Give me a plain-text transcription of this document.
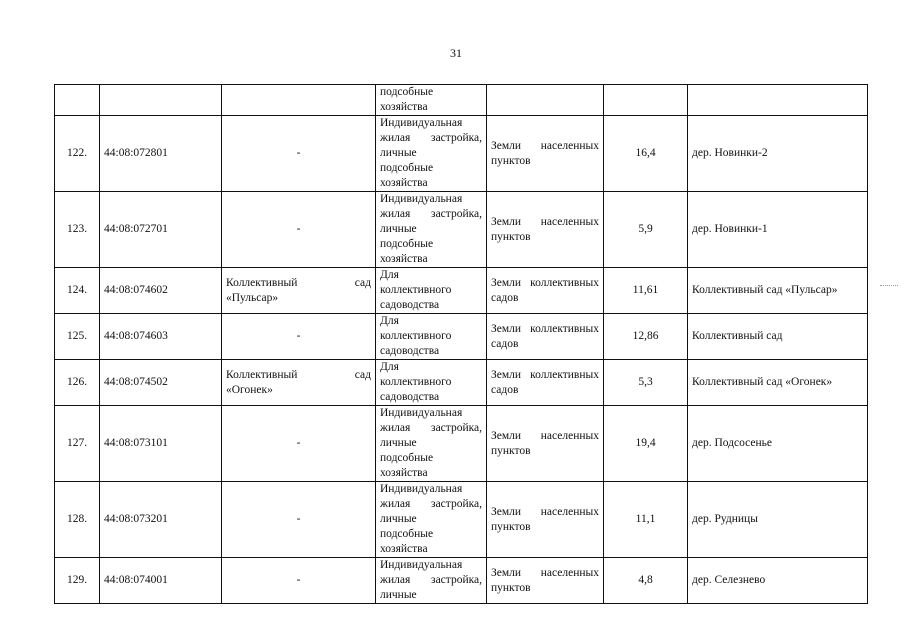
31

			подсобные
хозяйства			

122.	44:08:072801	-	Индивидуальная
жилая застройка,
личные
подсобные
хозяйства	Земли населенных пунктов	16,4	дер. Новинки-2
123.	44:08:072701	-	Индивидуальная
жилая застройка,
личные
подсобные
хозяйства	Земли населенных пунктов	5,9	дер. Новинки-1
124.	44:08:074602	Коллективный сад
«Пульсар»	Для
коллективного
садоводства	Земли коллективных садов	11,61	Коллективный сад «Пульсар»
125.	44:08:074603	-	Для
коллективного
садоводства	Земли коллективных садов	12,86	Коллективный сад
126.	44:08:074502	Коллективный сад
«Огонек»	Для
коллективного
садоводства	Земли коллективных садов	5,3	Коллективный сад «Огонек»
127.	44:08:073101	-	Индивидуальная
жилая застройка,
личные
подсобные
хозяйства	Земли населенных пунктов	19,4	дер. Подсосенье
128.	44:08:073201	-	Индивидуальная
жилая застройка,
личные
подсобные
хозяйства	Земли населенных пунктов	11,1	дер. Рудницы
129.	44:08:074001	-	Индивидуальная
жилая застройка,
личные	Земли населенных пунктов	4,8	дер. Селезнево
